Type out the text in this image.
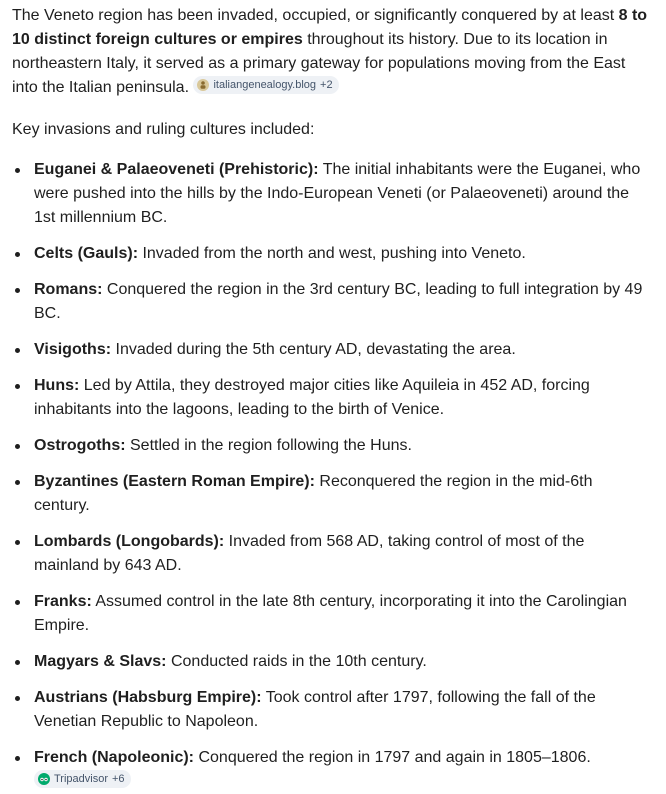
The Veneto region has been invaded, occupied, or significantly conquered by at least 8 to 10 distinct foreign cultures or empires throughout its history. Due to its location in northeastern Italy, it served as a primary gateway for populations moving from the East into the Italian peninsula. italiangenealogy.blog +2

Key invasions and ruling cultures included:

Euganei & Palaeoveneti (Prehistoric): The initial inhabitants were the Euganei, who were pushed into the hills by the Indo-European Veneti (or Palaeoveneti) around the 1st millennium BC.
Celts (Gauls): Invaded from the north and west, pushing into Veneto.
Romans: Conquered the region in the 3rd century BC, leading to full integration by 49 BC.
Visigoths: Invaded during the 5th century AD, devastating the area.
Huns: Led by Attila, they destroyed major cities like Aquileia in 452 AD, forcing inhabitants into the lagoons, leading to the birth of Venice.
Ostrogoths: Settled in the region following the Huns.
Byzantines (Eastern Roman Empire): Reconquered the region in the mid-6th century.
Lombards (Longobards): Invaded from 568 AD, taking control of most of the mainland by 643 AD.
Franks: Assumed control in the late 8th century, incorporating it into the Carolingian Empire.
Magyars & Slavs: Conducted raids in the 10th century.
Austrians (Habsburg Empire): Took control after 1797, following the fall of the Venetian Republic to Napoleon.
French (Napoleonic): Conquered the region in 1797 and again in 1805–1806.
Tripadvisor +6
